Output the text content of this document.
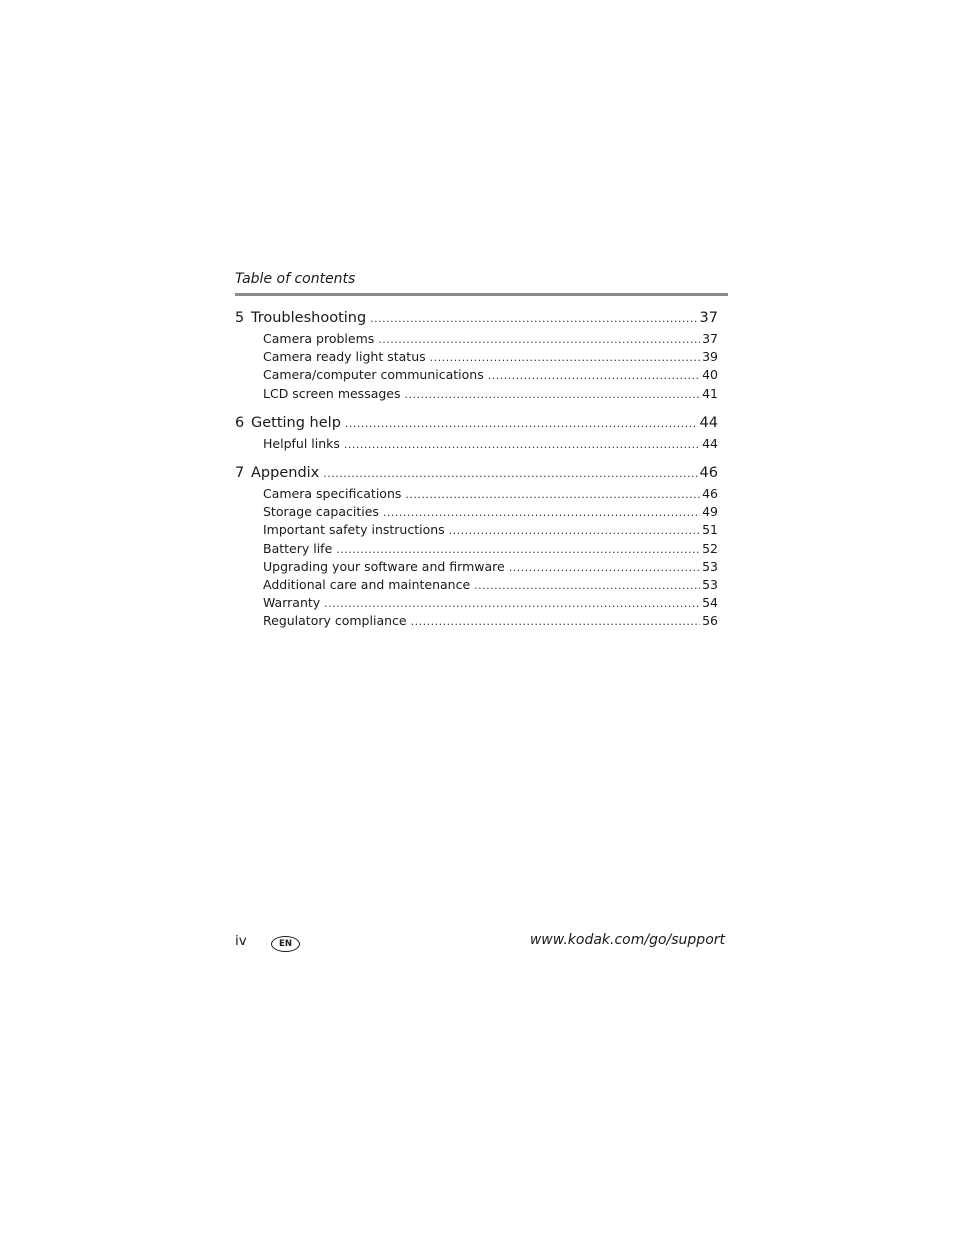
Table of contents
5 Troubleshooting .....	37
Camera problems .....	37
Camera ready light status .....	39
Camera/computer communications .....	40
LCD screen messages .....	41
6 Getting help .....	44
Helpful links .....	44
7 Appendix .....	46
Camera specifications .....	46
Storage capacities .....	49
Important safety instructions .....	51
Battery life .....	52
Upgrading your software and firmware .....	53
Additional care and maintenance .....	53
Warranty .....	54
Regulatory compliance .....	56
iv	EN	www.kodak.com/go/support
